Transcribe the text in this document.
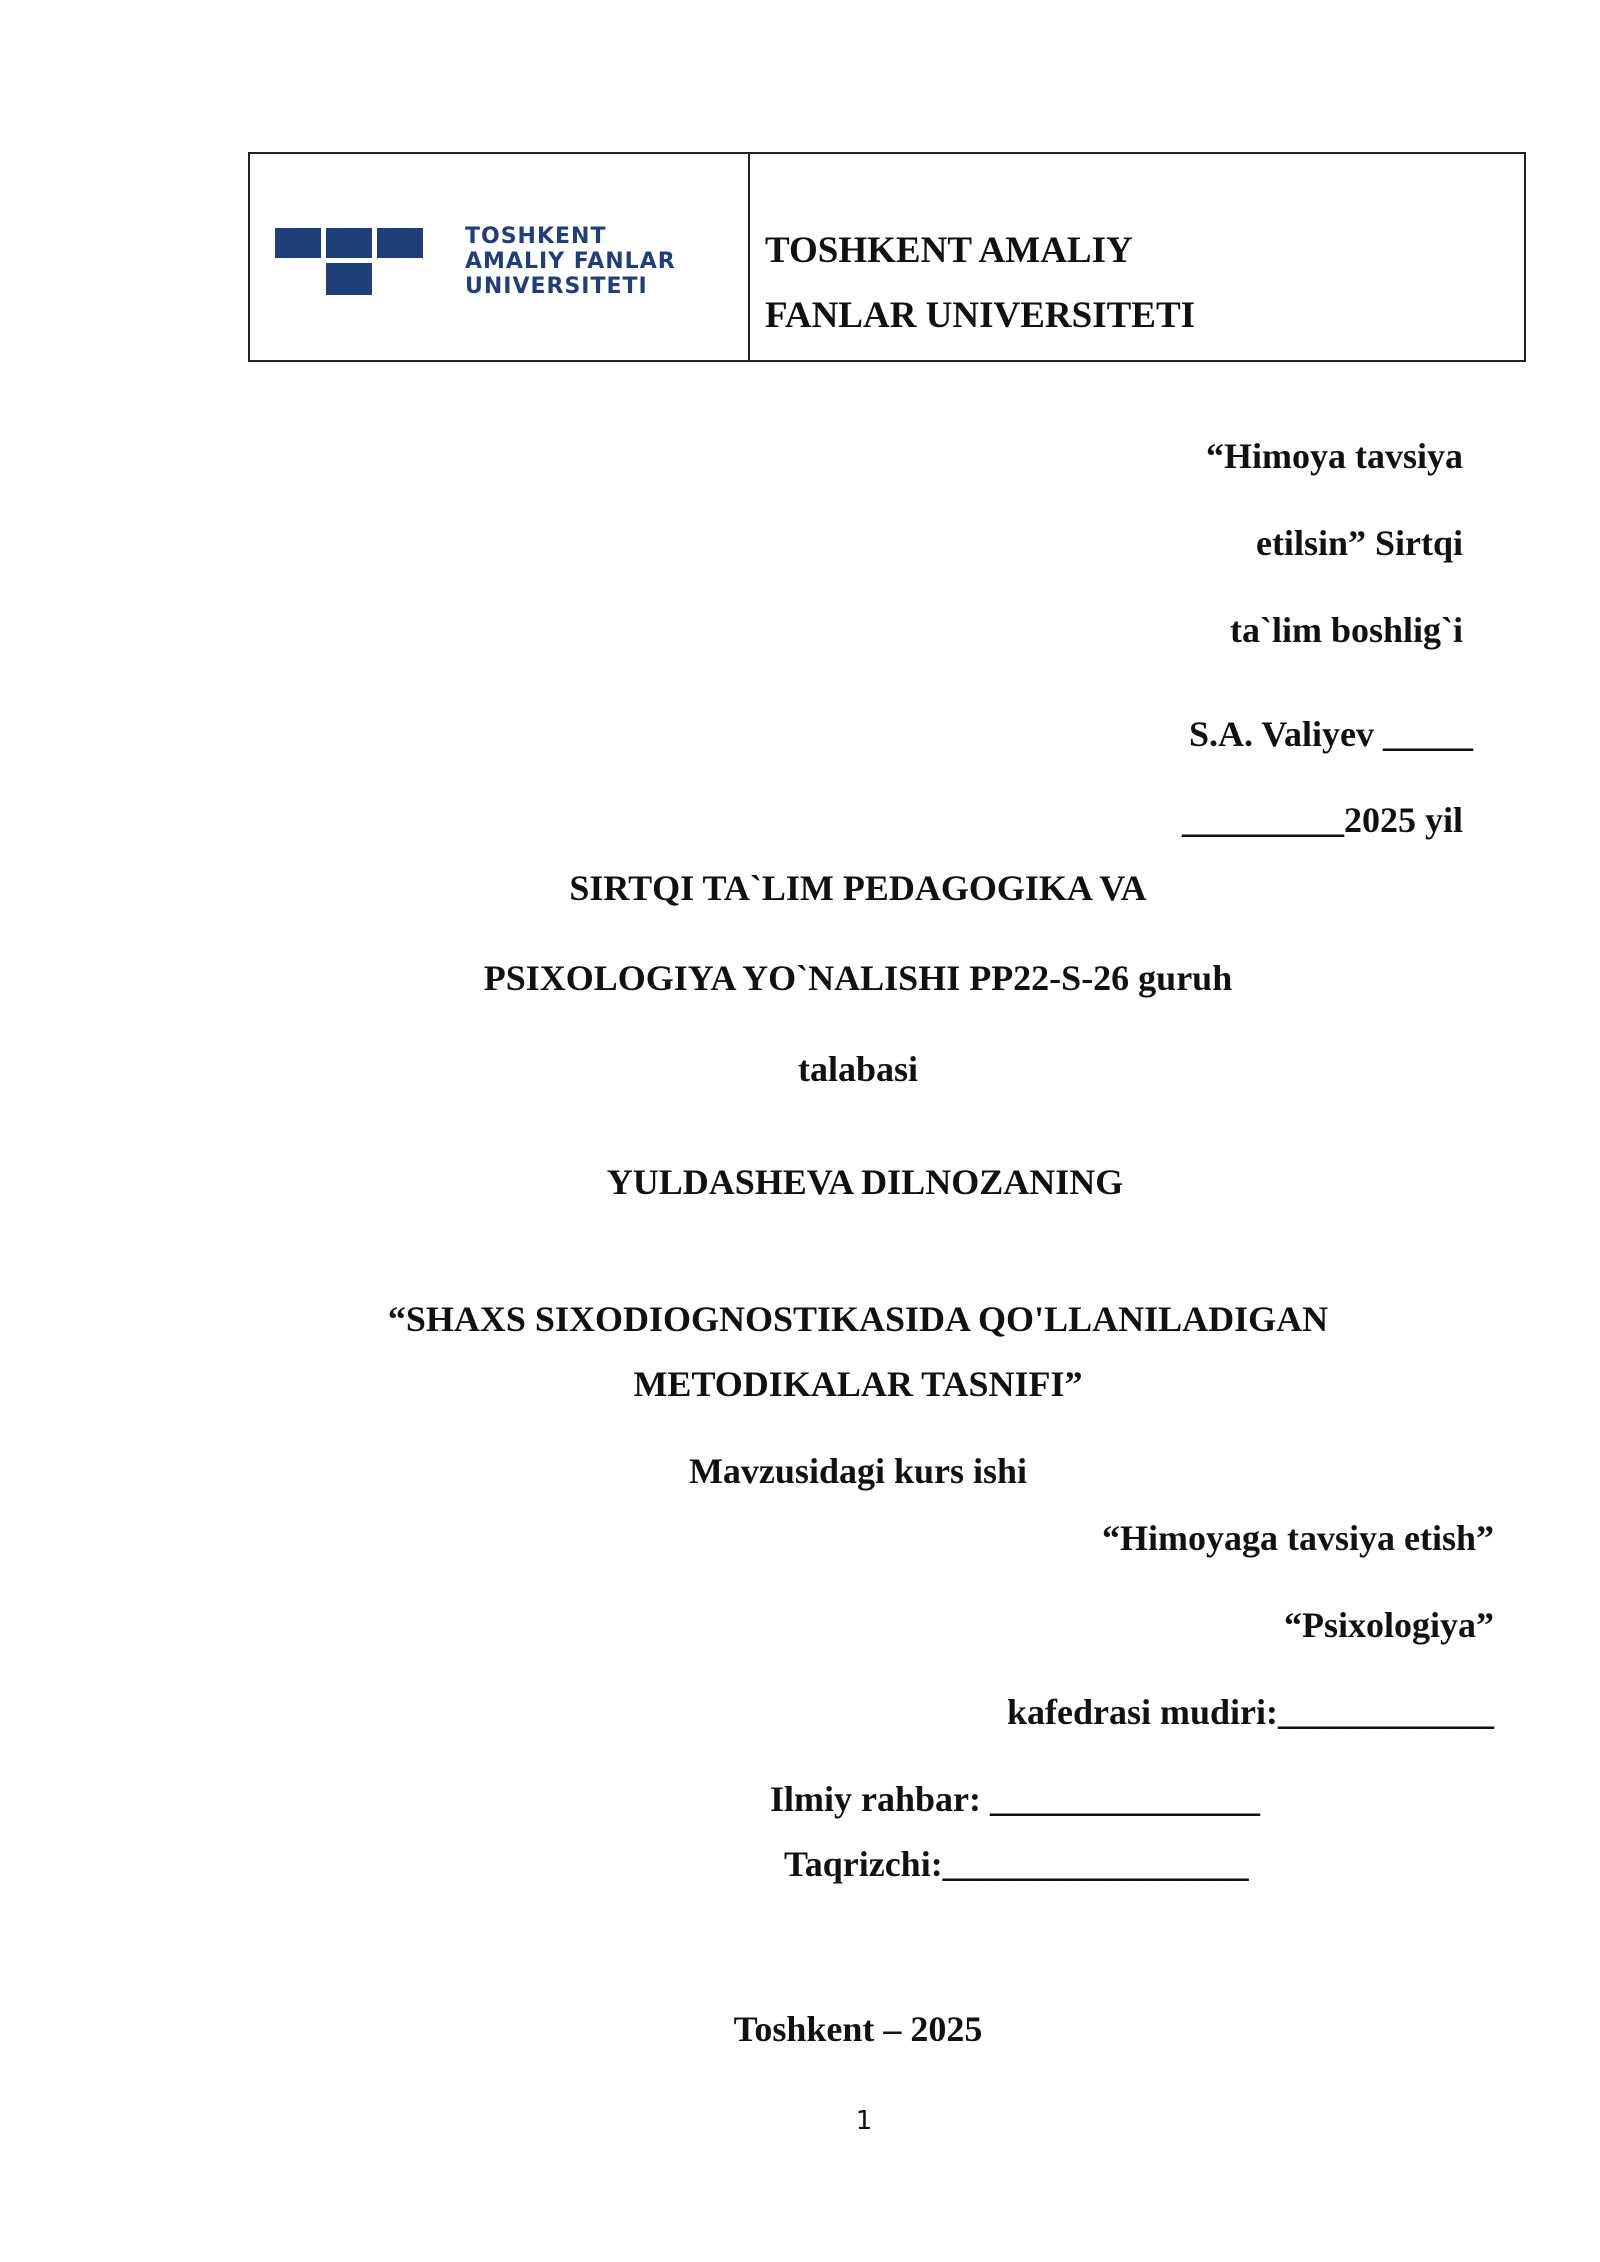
TOSHKENT
AMALIY FANLAR
UNIVERSITETI
TOSHKENT AMALIY
FANLAR UNIVERSITETI
“Himoya tavsiya
etilsin” Sirtqi
ta`lim boshlig`i
S.A. Valiyev _____
_________2025 yil
SIRTQI TA`LIM PEDAGOGIKA VA
PSIXOLOGIYA YO`NALISHI PP22-S-26 guruh
talabasi
YULDASHEVA DILNOZANING
“SHAXS SIXODIOGNOSTIKASIDA QO'LLANILADIGAN
METODIKALAR TASNIFI”
Mavzusidagi kurs ishi
“Himoyaga tavsiya etish”
“Psixologiya”
kafedrasi mudiri:____________
Ilmiy rahbar: _______________
Taqrizchi:_________________
Toshkent – 2025
1
